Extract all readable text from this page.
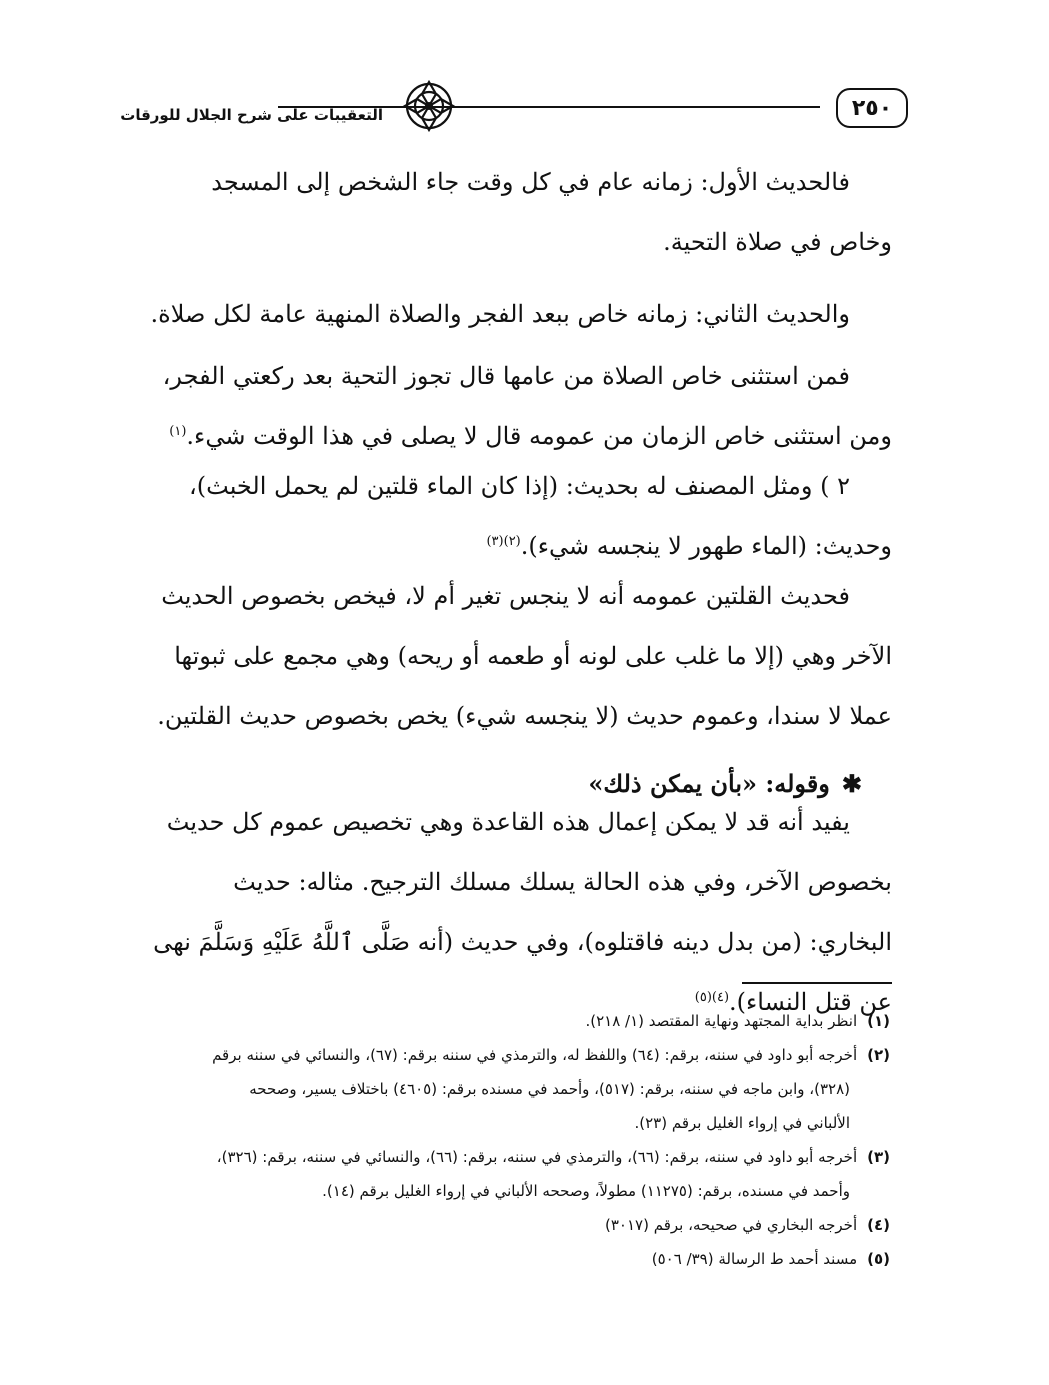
٢٥٠
التعقيبات على شرح الجلال للورقات

فالحديث الأول: زمانه عام في كل وقت جاء الشخص إلى المسجد وخاص في صلاة التحية.

والحديث الثاني: زمانه خاص ببعد الفجر والصلاة المنهية عامة لكل صلاة.

فمن استثنى خاص الصلاة من عامها قال تجوز التحية بعد ركعتي الفجر، ومن استثنى خاص الزمان من عمومه قال لا يصلى في هذا الوقت شيء.$^{(١)}$

٢ ) ومثل المصنف له بحديث: (إذا كان الماء قلتين لم يحمل الخبث)، وحديث: (الماء طهور لا ينجسه شيء).$^{(٢)(٣)}$

فحديث القلتين عمومه أنه لا ينجس تغير أم لا، فيخص بخصوص الحديث الآخر وهي (إلا ما غلب على لونه أو طعمه أو ريحه) وهي مجمع على ثبوتها عملا لا سندا، وعموم حديث (لا ينجسه شيء) يخص بخصوص حديث القلتين.

✱وقوله: «بأن يمكن ذلك»

يفيد أنه قد لا يمكن إعمال هذه القاعدة وهي تخصيص عموم كل حديث بخصوص الآخر، وفي هذه الحالة يسلك مسلك الترجيح. مثاله: حديث البخاري: (من بدل دينه فاقتلوه)، وفي حديث (أنه صَلَّى ٱللَّهُ عَلَيْهِ وَسَلَّمَ نهى عن قتل النساء).$^{(٤)(٥)}$

(١)انظر بداية المجتهد ونهاية المقتصد (١/ ٢١٨).

(٢)أخرجه أبو داود في سننه، برقم: (٦٤) واللفظ له، والترمذي في سننه برقم: (٦٧)، والنسائي في سننه برقم

(٣٢٨)، وابن ماجه في سننه، برقم: (٥١٧)، وأحمد في مسنده برقم: (٤٦٠٥) باختلاف يسير، وصححه

الألباني في إرواء الغليل برقم (٢٣).

(٣)أخرجه أبو داود في سننه، برقم: (٦٦)، والترمذي في سننه، برقم: (٦٦)، والنسائي في سننه، برقم: (٣٢٦)،

وأحمد في مسنده، برقم: (١١٢٧٥) مطولاً، وصححه الألباني في إرواء الغليل برقم (١٤).

(٤)أخرجه البخاري في صحيحه، برقم (٣٠١٧)

(٥)مسند أحمد ط الرسالة (٣٩/ ٥٠٦)
